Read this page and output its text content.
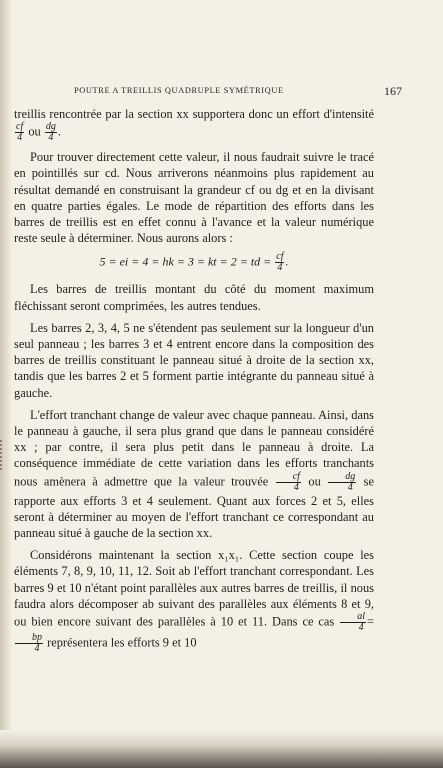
POUTRE A TREILLIS QUADRUPLE SYMÉTRIQUE	167

treillis rencontrée par la section xx supportera donc un effort d'intensité
$\frac{cf}{4}$ ou $\frac{dg}{4}$ .

Pour trouver directement cette valeur, il nous faudrait suivre le tracé en pointillés sur cd. Nous arriverons néanmoins plus rapidement au résultat demandé en construisant la grandeur cf ou dg et en la divisant en quatre parties égales. Le mode de répartition des efforts dans les barres de treillis est en effet connu à l'avance et la valeur numérique reste seule à déterminer. Nous aurons alors :

5 = ei = 4 = hk = 3 = kt = 2 = td = $\frac{cf}{4}$ .

Les barres de treillis montant du côté du moment maximum fléchissant seront comprimées, les autres tendues.

Les barres 2, 3, 4, 5 ne s'étendent pas seulement sur la longueur d'un seul panneau ; les barres 3 et 4 entrent encore dans la composition des barres de treillis constituant le panneau situé à droite de la section xx, tandis que les barres 2 et 5 forment partie intégrante du panneau situé à gauche.

L'effort tranchant change de valeur avec chaque panneau. Ainsi, dans le panneau à gauche, il sera plus grand que dans le panneau considéré xx ; par contre, il sera plus petit dans le panneau à droite. La conséquence immédiate de cette variation dans les efforts tranchants nous amènera à admettre que la valeur trouvée $\frac{cf}{4}$ ou $\frac{dg}{4}$ se rapporte aux efforts 3 et 4 seulement. Quant aux forces 2 et 5, elles seront à déterminer au moyen de l'effort tranchant ce correspondant au panneau situé à gauche de la section xx.

Considérons maintenant la section x₁x₁. Cette section coupe les éléments 7, 8, 9, 10, 11, 12. Soit ab l'effort tranchant correspondant. Les barres 9 et 10 n'étant point parallèles aux autres barres de treillis, il nous faudra alors décomposer ab suivant des parallèles aux éléments 8 et 9, ou bien encore suivant des parallèles à 10 et 11. Dans ce cas $\frac{al}{4}$ =
$\frac{bp}{4}$ représentera les efforts 9 et 10
